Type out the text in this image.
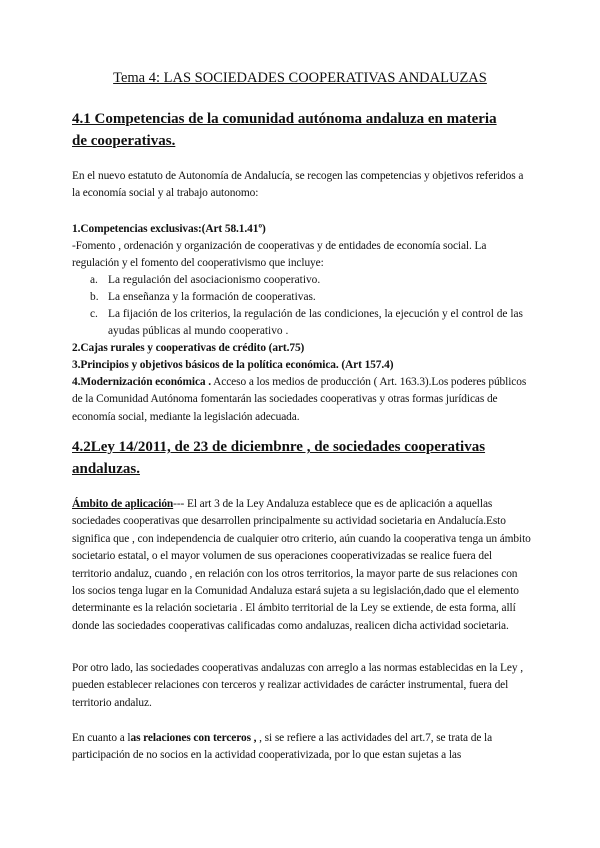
Tema 4: LAS SOCIEDADES COOPERATIVAS ANDALUZAS
4.1 Competencias de la comunidad autónoma andaluza en materia de cooperativas.
En el nuevo estatuto de Autonomía de Andalucía, se recogen las competencias y objetivos referidos a la economía social y al trabajo autonomo:
1.Competencias exclusivas:(Art 58.1.41º)
-Fomento , ordenación y organización de cooperativas y de entidades de economía social. La regulación y el fomento del cooperativismo que incluye:
a. La regulación del asociacionismo cooperativo.
b. La enseñanza y la formación de cooperativas.
c. La fijación de los criterios, la regulación de las condiciones, la ejecución y el control de las ayudas públicas al mundo cooperativo .
2.Cajas rurales y cooperativas de crédito (art.75)
3.Principios y objetivos básicos de la política económica. (Art 157.4)
4.Modernización económica . Acceso a los medios de producción ( Art. 163.3).Los poderes públicos de la Comunidad Autónoma fomentarán las sociedades cooperativas y otras formas jurídicas de economía social, mediante la legislación adecuada.
4.2Ley 14/2011, de 23 de diciembnre , de sociedades cooperativas andaluzas.
Ámbito de aplicación--- El art 3 de la Ley Andaluza establece que es de aplicación a aquellas sociedades cooperativas que desarrollen principalmente su actividad societaria en Andalucía.Esto significa que , con independencia de cualquier otro criterio, aún cuando la cooperativa tenga un ámbito societario estatal, o el mayor volumen de sus operaciones cooperativizadas se realice fuera del territorio andaluz, cuando , en relación con los otros territorios, la mayor parte de sus relaciones con los socios tenga lugar en la Comunidad Andaluza estará sujeta a su legislación,dado que el elemento determinante es la relación societaria . El ámbito territorial de la Ley se extiende, de esta forma, allí donde las sociedades cooperativas calificadas como andaluzas, realicen dicha actividad societaria.
Por otro lado, las sociedades cooperativas andaluzas con arreglo a las normas establecidas en la Ley , pueden establecer relaciones con terceros y realizar actividades de carácter instrumental, fuera del territorio andaluz.
En cuanto a las relaciones con terceros , , si se refiere a las actividades del art.7, se trata de la participación de no socios en la actividad cooperativizada, por lo que estan sujetas a las
